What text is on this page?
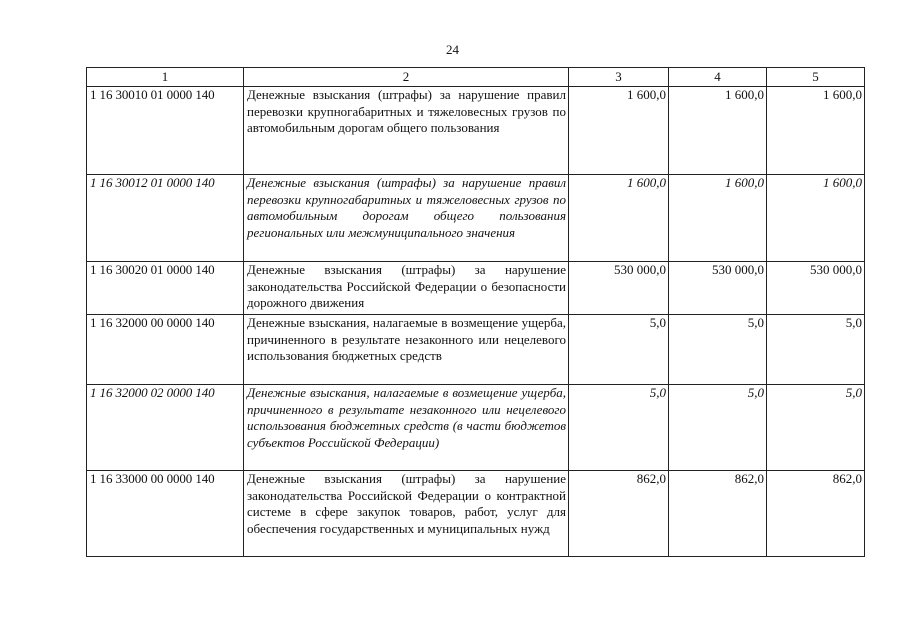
24
1	2	3	4	5
1 16 30010 01 0000 140	Денежные взыскания (штрафы) за нарушение правил перевозки крупногабаритных и тяжеловесных грузов по автомобильным дорогам общего пользования	1 600,0	1 600,0	1 600,0
1 16 30012 01 0000 140	Денежные взыскания (штрафы) за нарушение правил перевозки крупногабаритных и тяжеловесных грузов по автомобильным дорогам общего пользования региональных или межмуниципального значения	1 600,0	1 600,0	1 600,0
1 16 30020 01 0000 140	Денежные взыскания (штрафы) за нарушение законодательства Российской Федерации о безопасности дорожного движения	530 000,0	530 000,0	530 000,0
1 16 32000 00 0000 140	Денежные взыскания, налагаемые в возмещение ущерба, причиненного в результате незаконного или нецелевого использования бюджетных средств	5,0	5,0	5,0
1 16 32000 02 0000 140	Денежные взыскания, налагаемые в возмещение ущерба, причиненного в результате незаконного или нецелевого использования бюджетных средств (в части бюджетов субъектов Российской Федерации)	5,0	5,0	5,0
1 16 33000 00 0000 140	Денежные взыскания (штрафы) за нарушение законодательства Российской Федерации о контрактной системе в сфере закупок товаров, работ, услуг для обеспечения государственных и муниципальных нужд	862,0	862,0	862,0
